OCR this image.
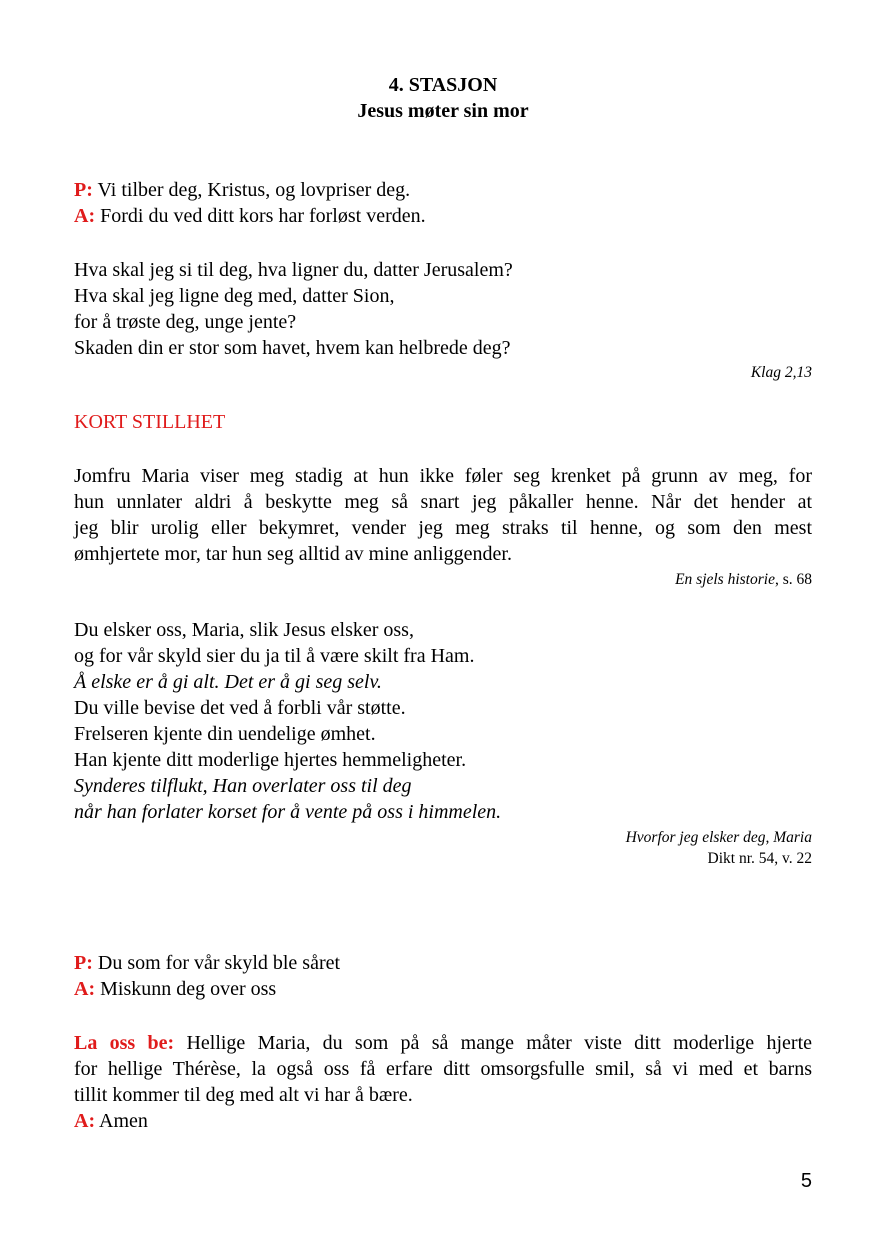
4. STASJON
Jesus møter sin mor
P: Vi tilber deg, Kristus, og lovpriser deg.
A: Fordi du ved ditt kors har forløst verden.
Hva skal jeg si til deg, hva ligner du, datter Jerusalem?
Hva skal jeg ligne deg med, datter Sion,
for å trøste deg, unge jente?
Skaden din er stor som havet, hvem kan helbrede deg?
Klag 2,13
KORT STILLHET
Jomfru Maria viser meg stadig at hun ikke føler seg krenket på grunn av meg, for
hun unnlater aldri å beskytte meg så snart jeg påkaller henne. Når det hender at
jeg blir urolig eller bekymret, vender jeg meg straks til henne, og som den mest
ømhjertete mor, tar hun seg alltid av mine anliggender.
En sjels historie, s. 68
Du elsker oss, Maria, slik Jesus elsker oss,
og for vår skyld sier du ja til å være skilt fra Ham.
Å elske er å gi alt. Det er å gi seg selv.
Du ville bevise det ved å forbli vår støtte.
Frelseren kjente din uendelige ømhet.
Han kjente ditt moderlige hjertes hemmeligheter.
Synderes tilflukt, Han overlater oss til deg
når han forlater korset for å vente på oss i himmelen.
Hvorfor jeg elsker deg, Maria
Dikt nr. 54, v. 22
P: Du som for vår skyld ble såret
A: Miskunn deg over oss
La oss be: Hellige Maria, du som på så mange måter viste ditt moderlige hjerte
for hellige Thérèse, la også oss få erfare ditt omsorgsfulle smil, så vi med et barns
tillit kommer til deg med alt vi har å bære.
A: Amen
5
